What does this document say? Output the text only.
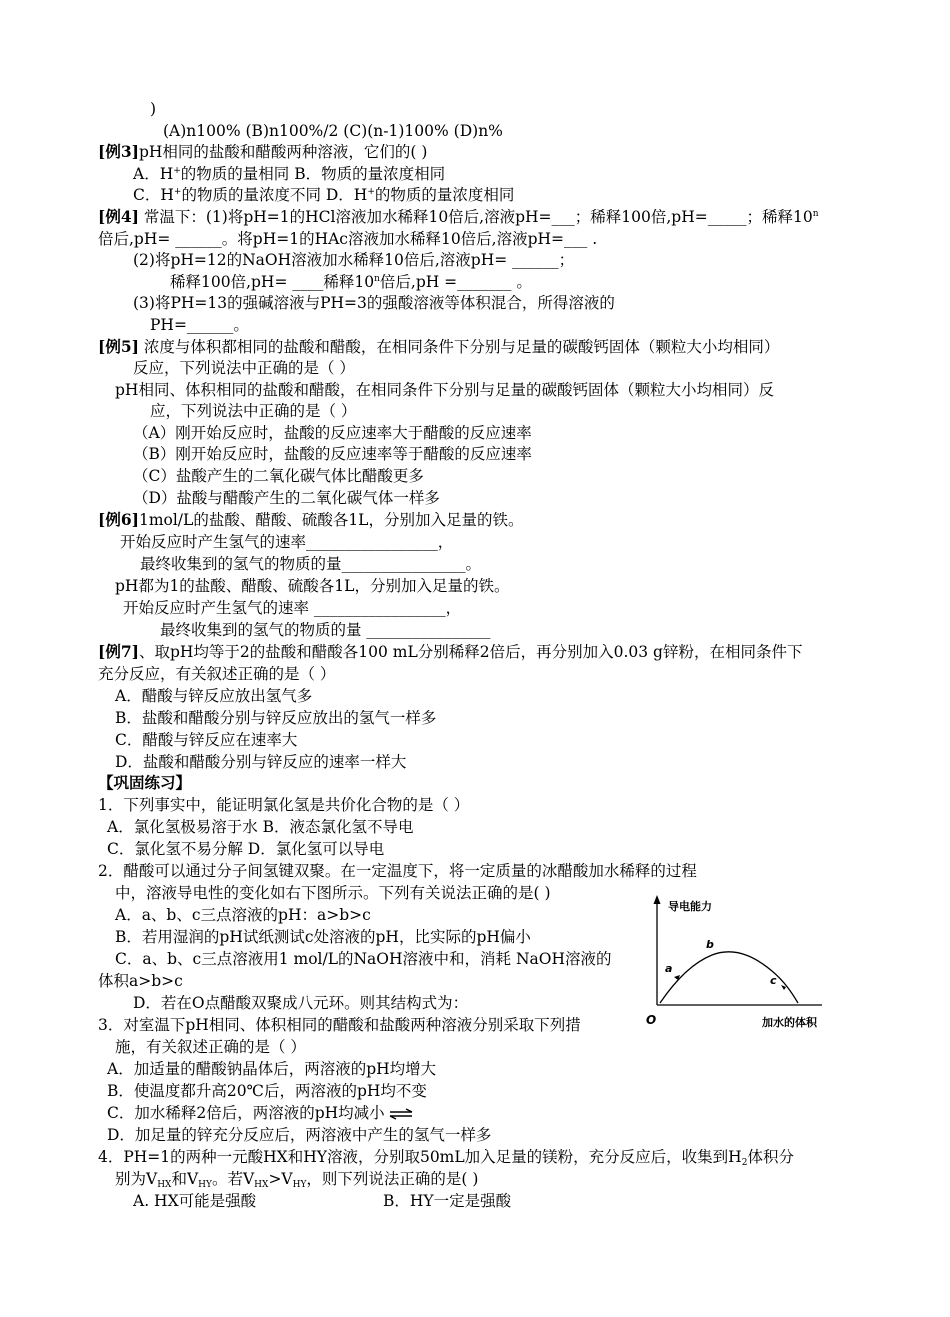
)
(A)n100% (B)n100%/2 (C)(n-1)100% (D)n%
[例3]pH相同的盐酸和醋酸两种溶液，它们的( )
A．H+的物质的量相同 B．物质的量浓度相同
C．H+的物质的量浓度不同 D．H+的物质的量浓度相同
[例4] 常温下：(1)将pH=1的HCl溶液加水稀释10倍后,溶液pH=___；稀释100倍,pH=_____；稀释10$^n$
倍后,pH= ______。将pH=1的HAc溶液加水稀释10倍后,溶液pH=___ .
(2)将pH=12的NaOH溶液加水稀释10倍后,溶液pH= ______；
稀释100倍,pH= ____稀释10$^n$倍后,pH =_______ 。
(3)将PH=13的强碱溶液与PH=3的强酸溶液等体积混合，所得溶液的
PH=______。
[例5] 浓度与体积都相同的盐酸和醋酸，在相同条件下分别与足量的碳酸钙固体（颗粒大小均相同）
反应，下列说法中正确的是（ ）
pH相同、体积相同的盐酸和醋酸，在相同条件下分别与足量的碳酸钙固体（颗粒大小均相同）反
应，下列说法中正确的是（ ）
（A）刚开始反应时，盐酸的反应速率大于醋酸的反应速率
（B）刚开始反应时，盐酸的反应速率等于醋酸的反应速率
（C）盐酸产生的二氧化碳气体比醋酸更多
（D）盐酸与醋酸产生的二氧化碳气体一样多
[例6]1mol/L的盐酸、醋酸、硫酸各1L，分别加入足量的铁。
开始反应时产生氢气的速率_________________，
最终收集到的氢气的物质的量________________。
pH都为1的盐酸、醋酸、硫酸各1L，分别加入足量的铁。
开始反应时产生氢气的速率 _________________，
最终收集到的氢气的物质的量 ________________
[例7]、取pH均等于2的盐酸和醋酸各100 mL分别稀释2倍后，再分别加入0.03 g锌粉，在相同条件下
充分反应，有关叙述正确的是（ ）
A．醋酸与锌反应放出氢气多
B．盐酸和醋酸分别与锌反应放出的氢气一样多
C．醋酸与锌反应在速率大
D．盐酸和醋酸分别与锌反应的速率一样大
【巩固练习】
1．下列事实中，能证明氯化氢是共价化合物的是（ ）
A．氯化氢极易溶于水 B．液态氯化氢不导电
C．氯化氢不易分解 D．氯化氢可以导电
2．醋酸可以通过分子间氢键双聚。在一定温度下，将一定质量的冰醋酸加水稀释的过程
中，溶液导电性的变化如右下图所示。下列有关说法正确的是( )
A．a、b、c三点溶液的pH：a>b>c
B．若用湿润的pH试纸测试c处溶液的pH，比实际的pH偏小
C．a、b、c三点溶液用1 mol/L的NaOH溶液中和，消耗 NaOH溶液的
体积a>b>c
D．若在O点醋酸双聚成八元环。则其结构式为：
导电能力
加水的体积
O
a
b
c
3．对室温下pH相同、体积相同的醋酸和盐酸两种溶液分别采取下列措
施，有关叙述正确的是（ ）
A．加适量的醋酸钠晶体后，两溶液的pH均增大
B．使温度都升高20℃后，两溶液的pH均不变
C．加水稀释2倍后，两溶液的pH均减小 ⇌
D．加足量的锌充分反应后，两溶液中产生的氢气一样多
4．PH=1的两种一元酸HX和HY溶液，分别取50mL加入足量的镁粉，充分反应后，收集到$H_2$体积分
别为$V_{HX}$和$V_{HY}$。若$V_{HX}>V_{HY}$，则下列说法正确的是( )
A. HX可能是强酸	B．HY一定是强酸
